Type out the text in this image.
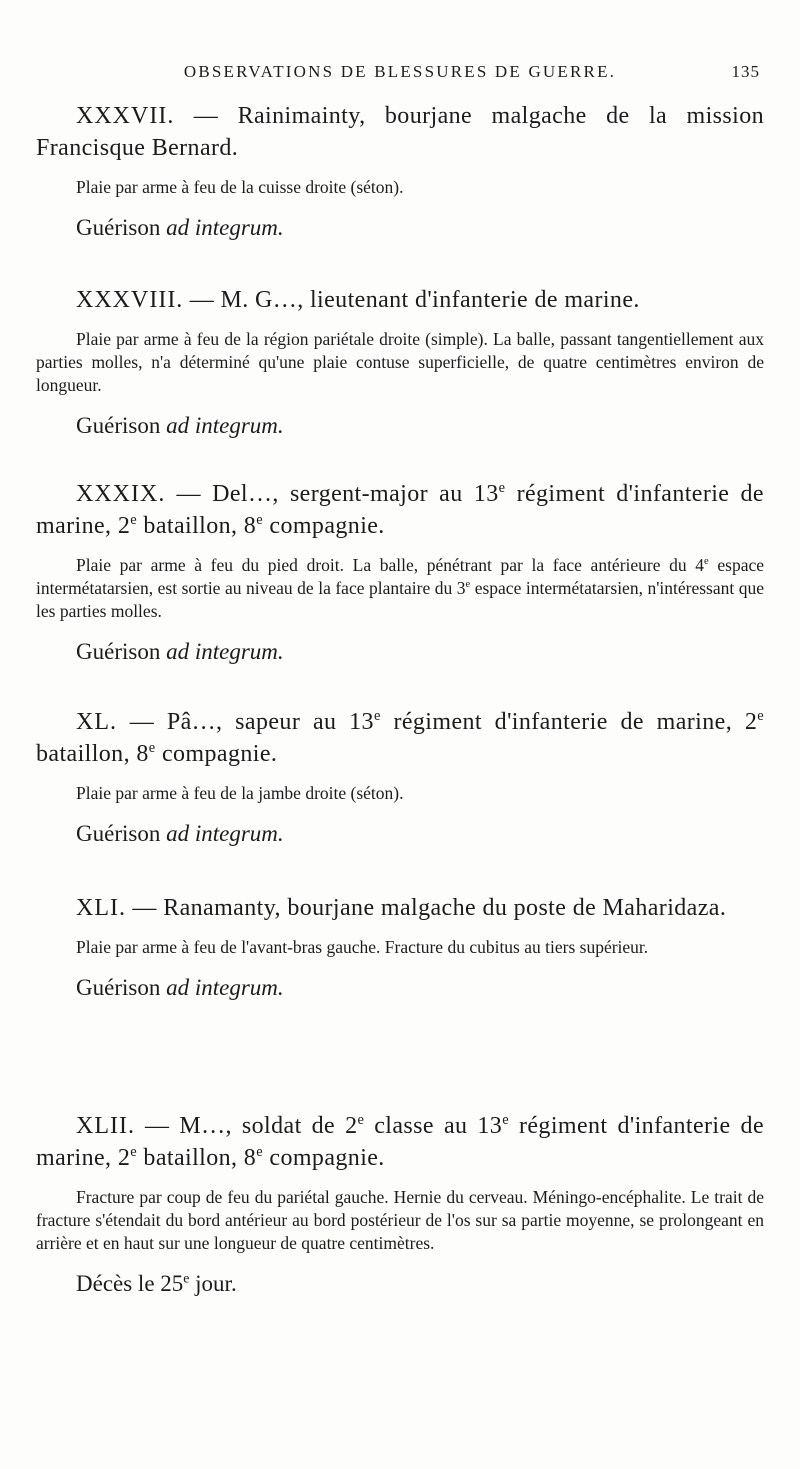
OBSERVATIONS DE BLESSURES DE GUERRE.	135

XXXVII. — Rainimainty, bourjane malgache de la mission Francisque Bernard.

Plaie par arme à feu de la cuisse droite (séton).

Guérison ad integrum.

XXXVIII. — M. G…, lieutenant d'infanterie de marine.

Plaie par arme à feu de la région pariétale droite (simple). La balle, passant tangentiellement aux parties molles, n'a déterminé qu'une plaie contuse superficielle, de quatre centimètres environ de longueur.

Guérison ad integrum.

XXXIX. — Del…, sergent-major au 13e régiment d'infanterie de marine, 2e bataillon, 8e compagnie.

Plaie par arme à feu du pied droit. La balle, pénétrant par la face antérieure du 4e espace intermétatarsien, est sortie au niveau de la face plantaire du 3e espace intermétatarsien, n'intéressant que les parties molles.

Guérison ad integrum.

XL. — Pâ…, sapeur au 13e régiment d'infanterie de marine, 2e bataillon, 8e compagnie.

Plaie par arme à feu de la jambe droite (séton).

Guérison ad integrum.

XLI. — Ranamanty, bourjane malgache du poste de Maharidaza.

Plaie par arme à feu de l'avant-bras gauche. Fracture du cubitus au tiers supérieur.

Guérison ad integrum.

XLII. — M…, soldat de 2e classe au 13e régiment d'infanterie de marine, 2e bataillon, 8e compagnie.

Fracture par coup de feu du pariétal gauche. Hernie du cerveau. Méningo-encéphalite. Le trait de fracture s'étendait du bord antérieur au bord postérieur de l'os sur sa partie moyenne, se prolongeant en arrière et en haut sur une longueur de quatre centimètres.

Décès le 25e jour.
